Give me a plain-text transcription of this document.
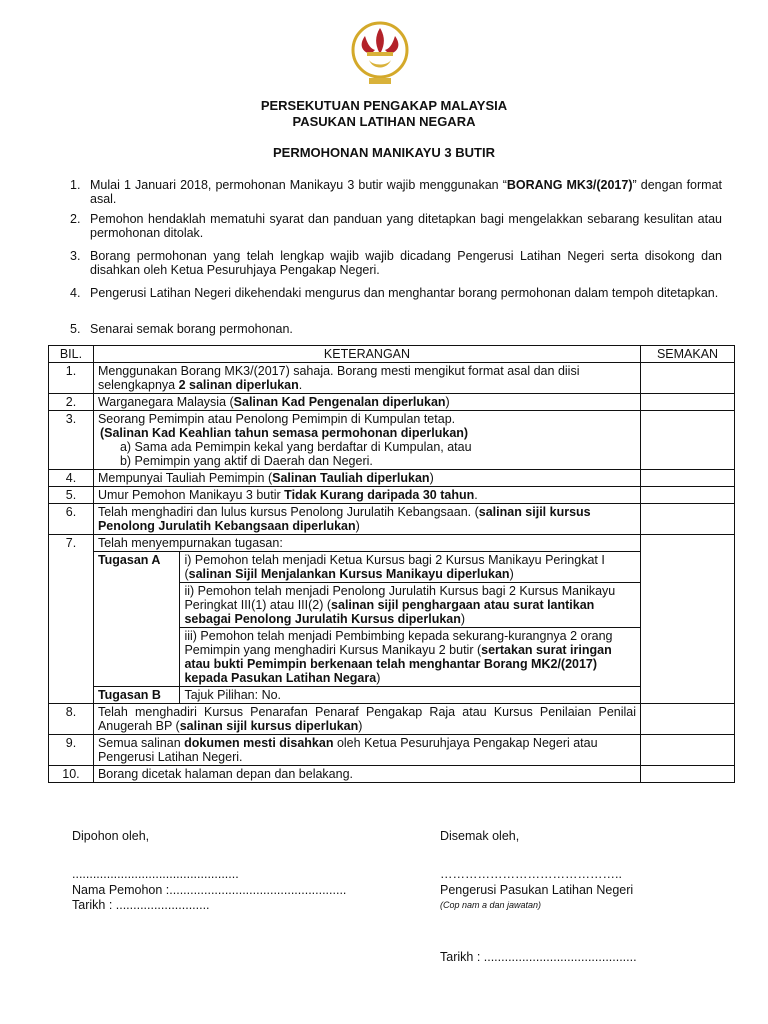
PERSEKUTUAN PENGAKAP MALAYSIA
PASUKAN LATIHAN NEGARA
PERMOHONAN MANIKAYU 3 BUTIR
1. Mulai 1 Januari 2018, permohonan Manikayu 3 butir wajib menggunakan “BORANG MK3/(2017)” dengan format asal.
2. Pemohon hendaklah mematuhi syarat dan panduan yang ditetapkan bagi mengelakkan sebarang kesulitan atau permohonan ditolak.
3. Borang permohonan yang telah lengkap wajib wajib dicadang Pengerusi Latihan Negeri serta disokong dan disahkan oleh Ketua Pesuruhjaya Pengakap Negeri.
4. Pengerusi Latihan Negeri dikehendaki mengurus dan menghantar borang permohonan dalam tempoh ditetapkan.
5. Senarai semak borang permohonan.
BIL.	KETERANGAN	SEMAKAN
1.	Menggunakan Borang MK3/(2017) sahaja. Borang mesti mengikut format asal dan diisi selengkapnya 2 salinan diperlukan.	
2.	Warganegara Malaysia (Salinan Kad Pengenalan diperlukan)	
3.	Seorang Pemimpin atau Penolong Pemimpin di Kumpulan tetap.
(Salinan Kad Keahlian tahun semasa permohonan diperlukan)
a) Sama ada Pemimpin kekal yang berdaftar di Kumpulan, atau
b) Pemimpin yang aktif di Daerah dan Negeri.

4.	Mempunyai Tauliah Pemimpin (Salinan Tauliah diperlukan)	
5.	Umur Pemohon Manikayu 3 butir Tidak Kurang daripada 30 tahun.	
6.	Telah menghadiri dan lulus kursus Penolong Jurulatih Kebangsaan. (salinan sijil kursus Penolong Jurulatih Kebangsaan diperlukan)	
7.	Telah menyempurnakan tugasan:
Tugasan A	i) Pemohon telah menjadi Ketua Kursus bagi 2 Kursus Manikayu Peringkat I (salinan Sijil Menjalankan Kursus Manikayu diperlukan)
ii) Pemohon telah menjadi Penolong Jurulatih Kursus bagi 2 Kursus Manikayu Peringkat III(1) atau III(2) (salinan sijil penghargaan atau surat lantikan sebagai Penolong Jurulatih Kursus diperlukan)
iii) Pemohon telah menjadi Pembimbing kepada sekurang-kurangnya 2 orang Pemimpin yang menghadiri Kursus Manikayu 2 butir (sertakan surat iringan atau bukti Pemimpin berkenaan telah menghantar Borang MK2/(2017) kepada Pasukan Latihan Negara)
Tugasan B	Tajuk Pilihan: No.

8.	Telah menghadiri Kursus Penarafan Penaraf Pengakap Raja atau Kursus Penilaian Penilai Anugerah BP (salinan sijil kursus diperlukan)	
9.	Semua salinan dokumen mesti disahkan oleh Ketua Pesuruhjaya Pengakap Negeri atau Pengerusi Latihan Negeri.	
10.	Borang dicetak halaman depan dan belakang.	
Dipohon oleh,
................................................
Nama Pemohon :...................................................
Tarikh : ...........................
Disemak oleh,
……………………………………..
Pengerusi Pasukan Latihan Negeri
(Cop nam a dan jawatan)
Tarikh : ............................................
